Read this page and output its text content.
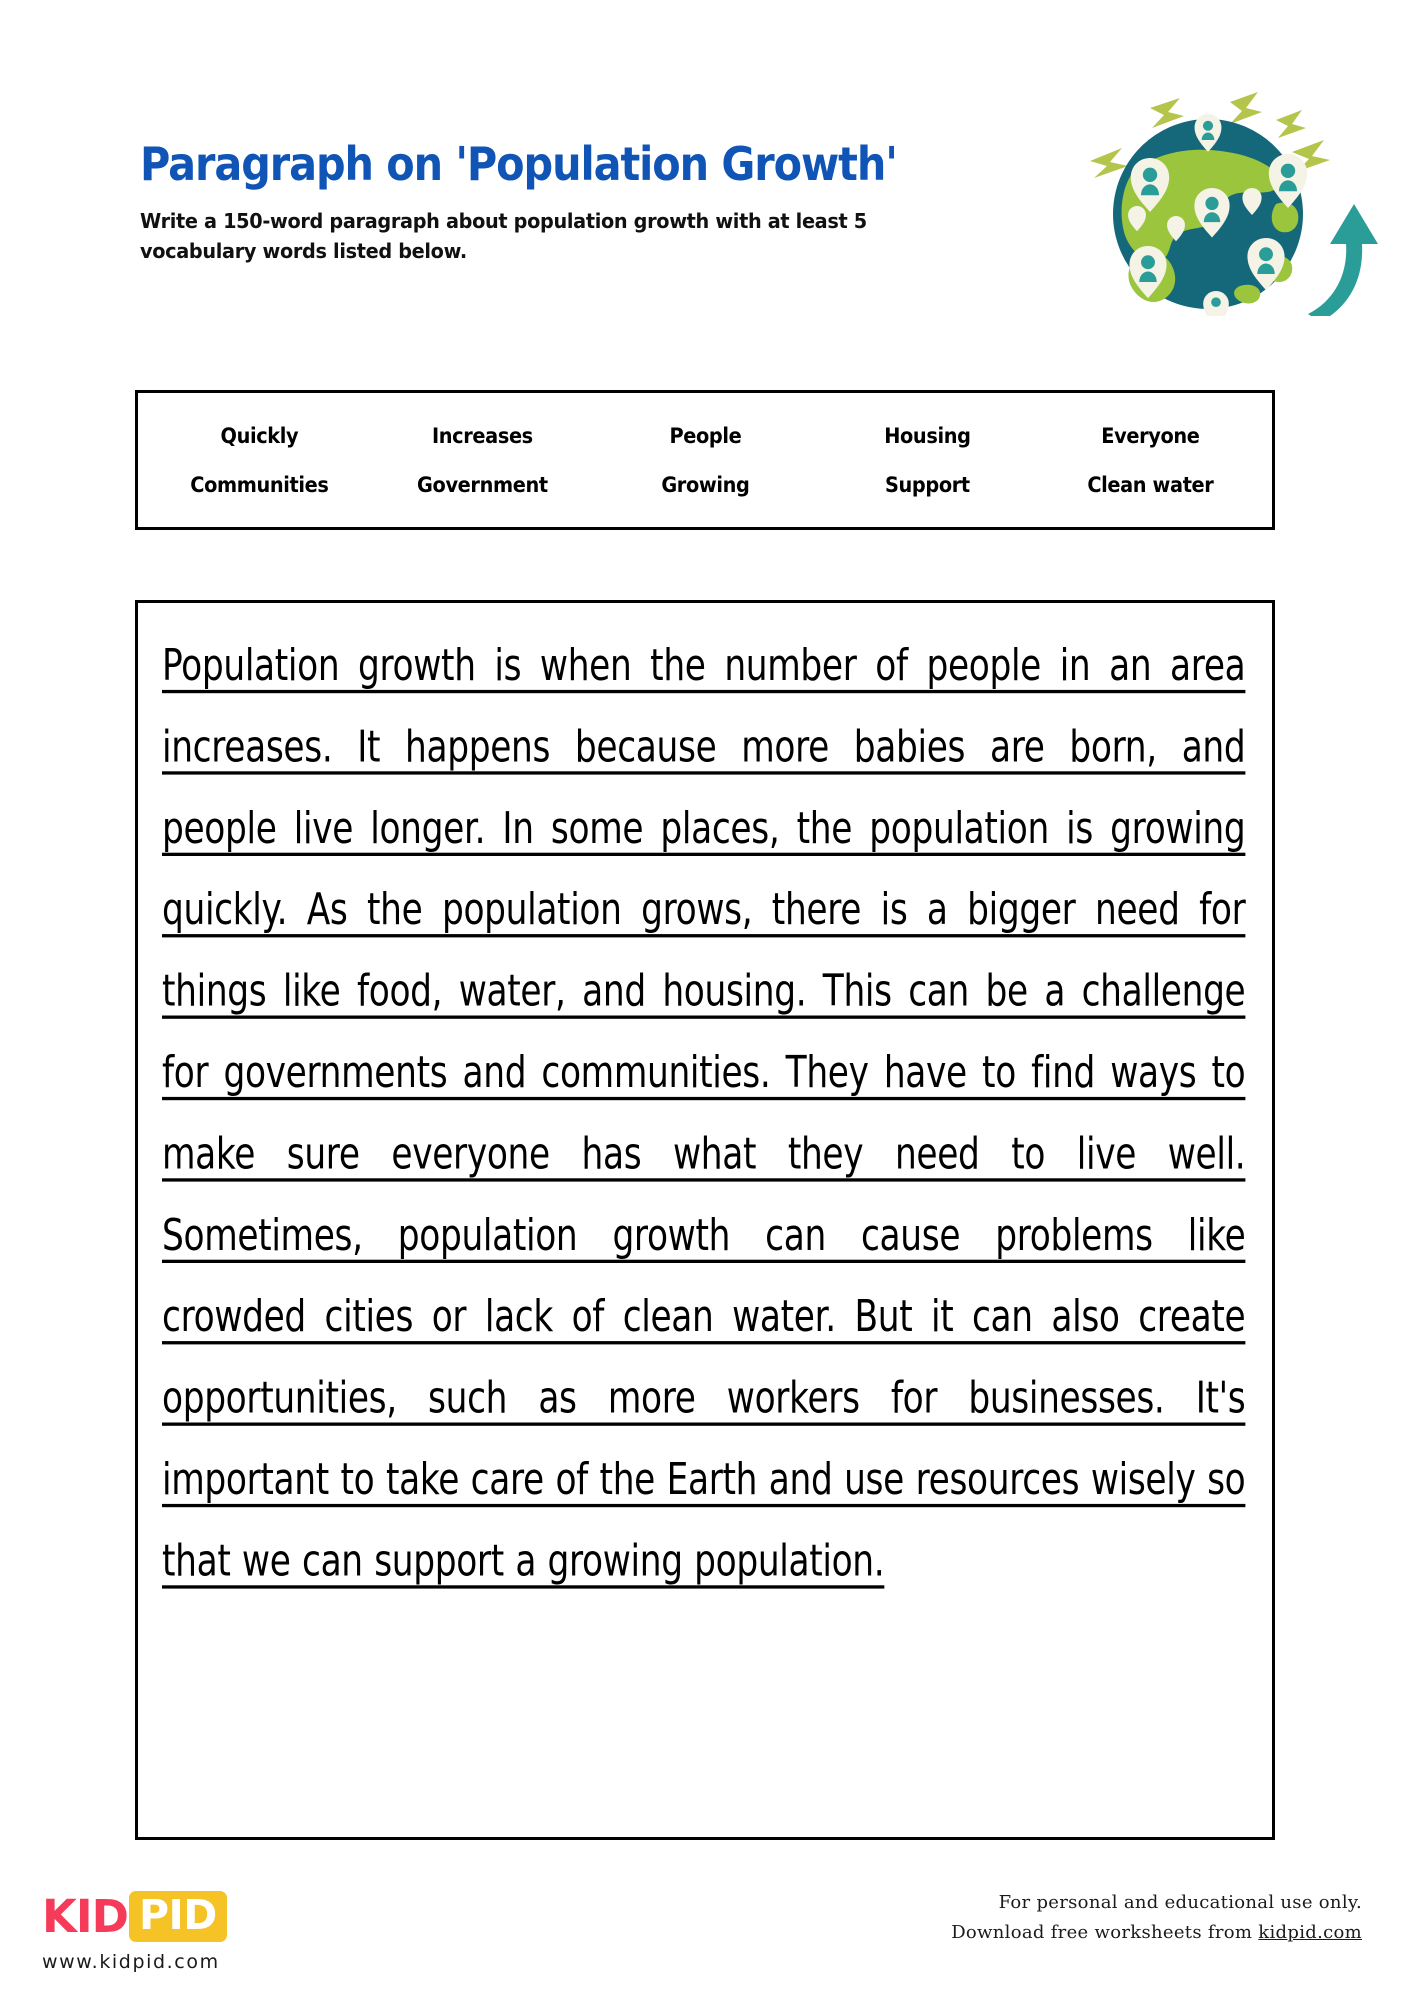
Paragraph on 'Population Growth'
Write a 150-word paragraph about population growth with at least 5 vocabulary words listed below.
Quickly	Increases	People	Housing	Everyone
Communities	Government	Growing	Support	Clean water
Population growth is when the number of people in an area increases. It happens because more babies are born, and people live longer. In some places, the population is growing quickly. As the population grows, there is a bigger need for things like food, water, and housing. This can be a challenge for governments and communities. They have to find ways to make sure everyone has what they need to live well. Sometimes, population growth can cause problems like crowded cities or lack of clean water. But it can also create opportunities, such as more workers for businesses. It's important to take care of the Earth and use resources wisely so that we can support a growing population.
KID PID
www.kidpid.com
For personal and educational use only.
Download free worksheets from kidpid.com
